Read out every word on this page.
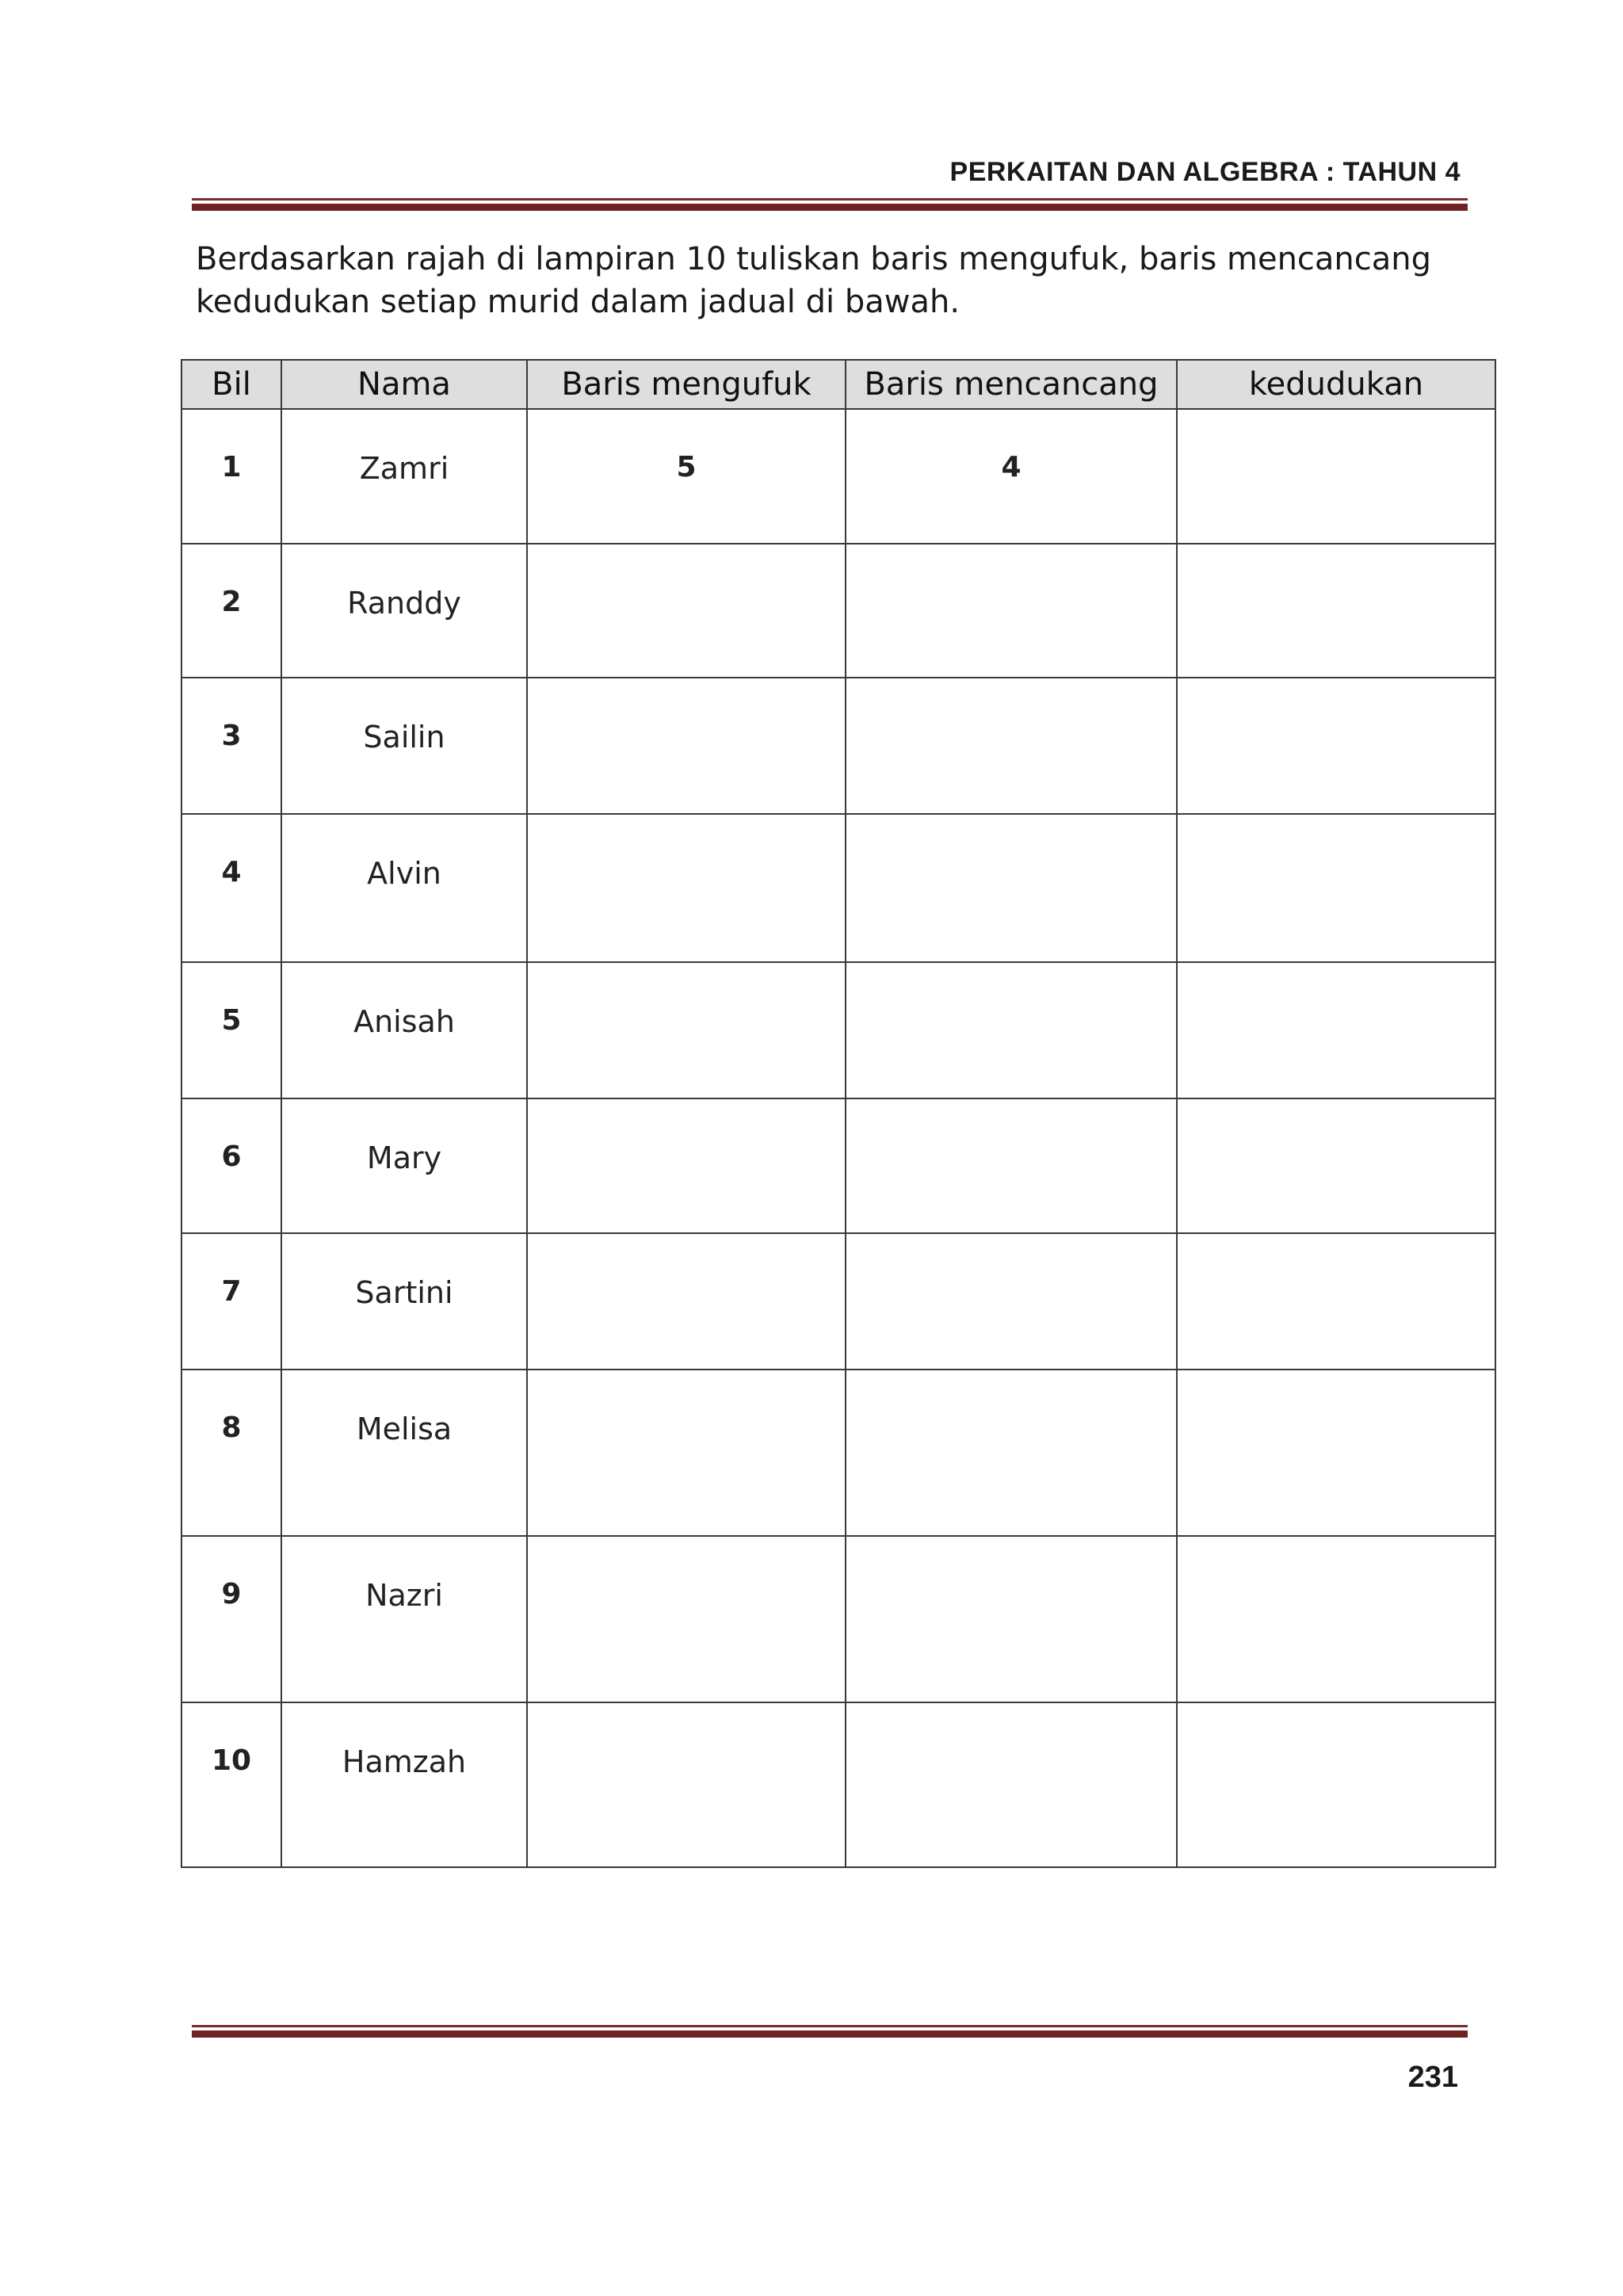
PERKAITAN DAN ALGEBRA : TAHUN 4
Berdasarkan rajah di lampiran 10 tuliskan baris mengufuk, baris mencancang
kedudukan setiap murid dalam jadual di bawah.
Bil	Nama	Baris mengufuk	Baris mencancang	kedudukan

1	Zamri	5	4	

2	Randdy			

3	Sailin			

4	Alvin			

5	Anisah			

6	Mary			

7	Sartini			

8	Melisa			

9	Nazri			

10	Hamzah			

231
